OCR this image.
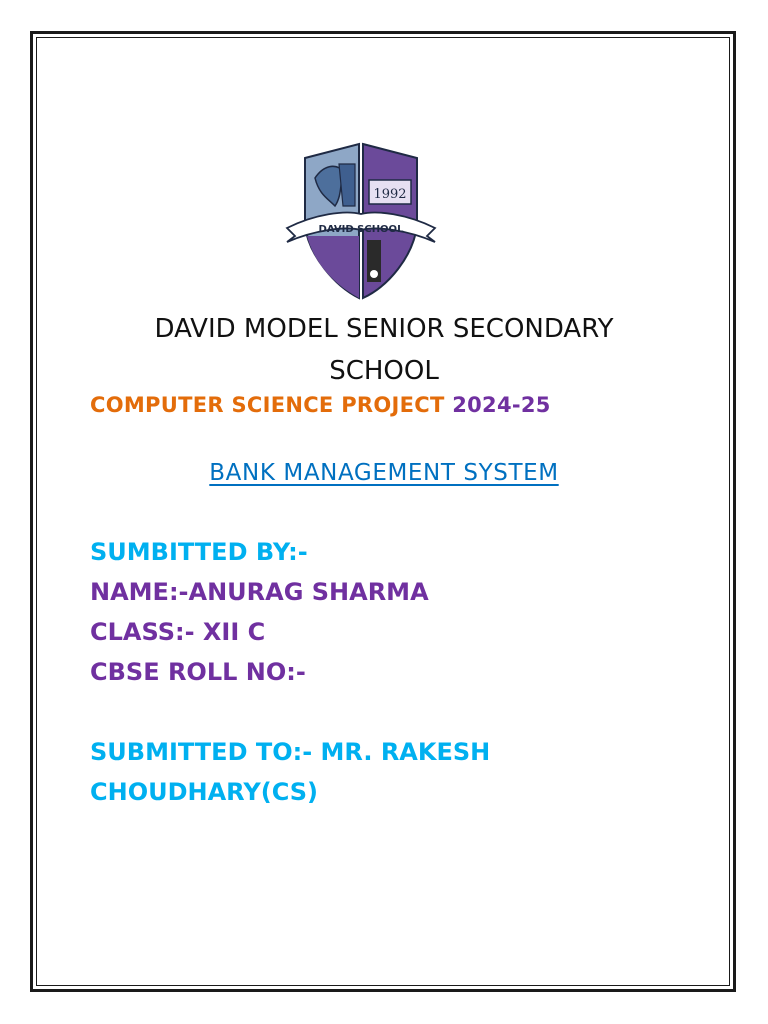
1992
DAVID SCHOOL
DAVID MODEL SENIOR SECONDARY
SCHOOL
COMPUTER SCIENCE PROJECT 2024-25
BANK MANAGEMENT SYSTEM
SUMBITTED BY:-
NAME:-ANURAG SHARMA
CLASS:- XII C
CBSE ROLL NO:-
SUBMITTED TO:- MR. RAKESH
CHOUDHARY(CS)
